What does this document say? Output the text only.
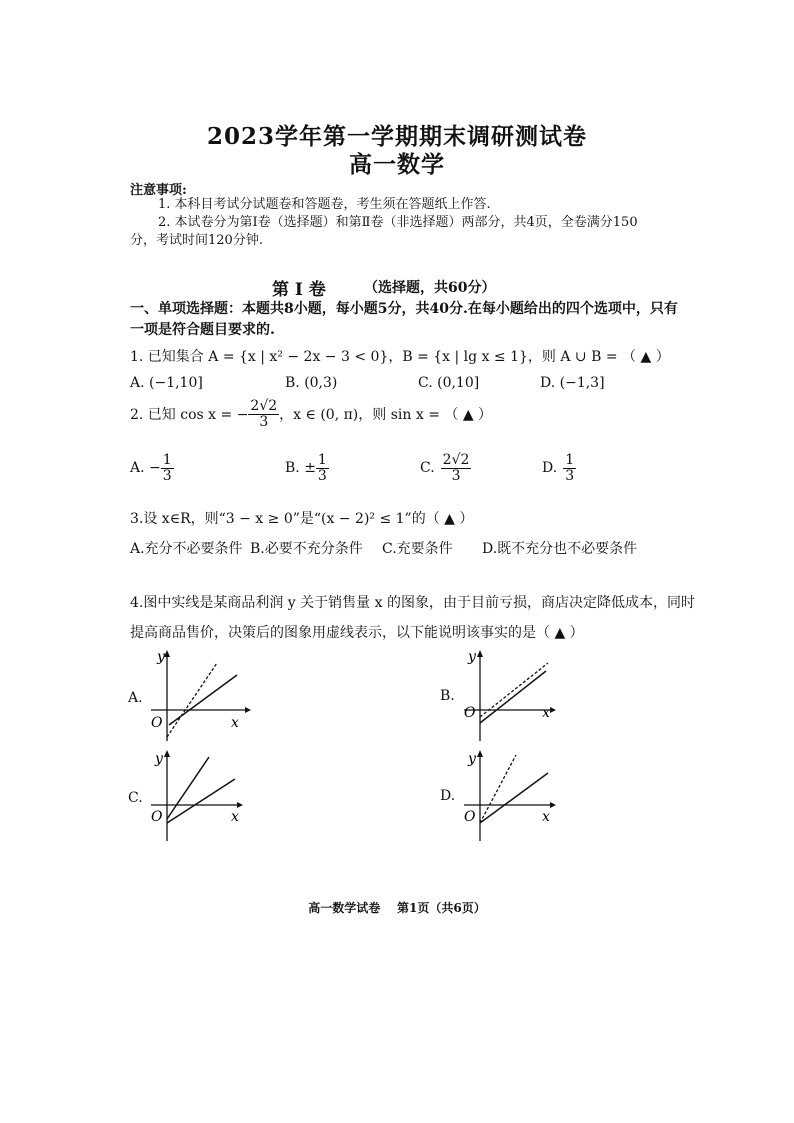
2023学年第一学期期末调研测试卷
高一数学
注意事项:
1. 本科目考试分试题卷和答题卷，考生须在答题纸上作答.
2. 本试卷分为第Ⅰ卷（选择题）和第Ⅱ卷（非选择题）两部分，共4页，全卷满分150
分，考试时间120分钟.
第 Ⅰ 卷	（选择题，共60分）
一、单项选择题：本题共8小题，每小题5分，共40分.在每小题给出的四个选项中，只有
一项是符合题目要求的.
1. 已知集合 A = {x | x² − 2x − 3 < 0}，B = {x | lg x ≤ 1}，则 A ∪ B = （ ▲ ）
A. (−1,10]	B. (0,3)	C. (0,10]	D. (−1,3]
2. 已知 cos x = − $\frac{2√2}{3}$ ，x ∈ (0, π)，则 sin x = （ ▲ ）
A. − $\frac{1}{3}$	B. ± $\frac{1}{3}$	C. $\frac{2√2}{3}$	D. $\frac{1}{3}$
3.设 x∈R，则“3 − x ≥ 0”是“(x − 2)² ≤ 1”的（ ▲ ）
A.充分不必要条件 B.必要不充分条件 C.充要条件 D.既不充分也不必要条件
4.图中实线是某商品利润 y 关于销售量 x 的图象，由于目前亏损，商店决定降低成本，同时
提高商品售价，决策后的图象用虚线表示，以下能说明该事实的是（ ▲ ）
A.
y
x
O
B.
y
x
O
C.
y
x
O
D.
y
x
O
高一数学试卷    第1页（共6页）
